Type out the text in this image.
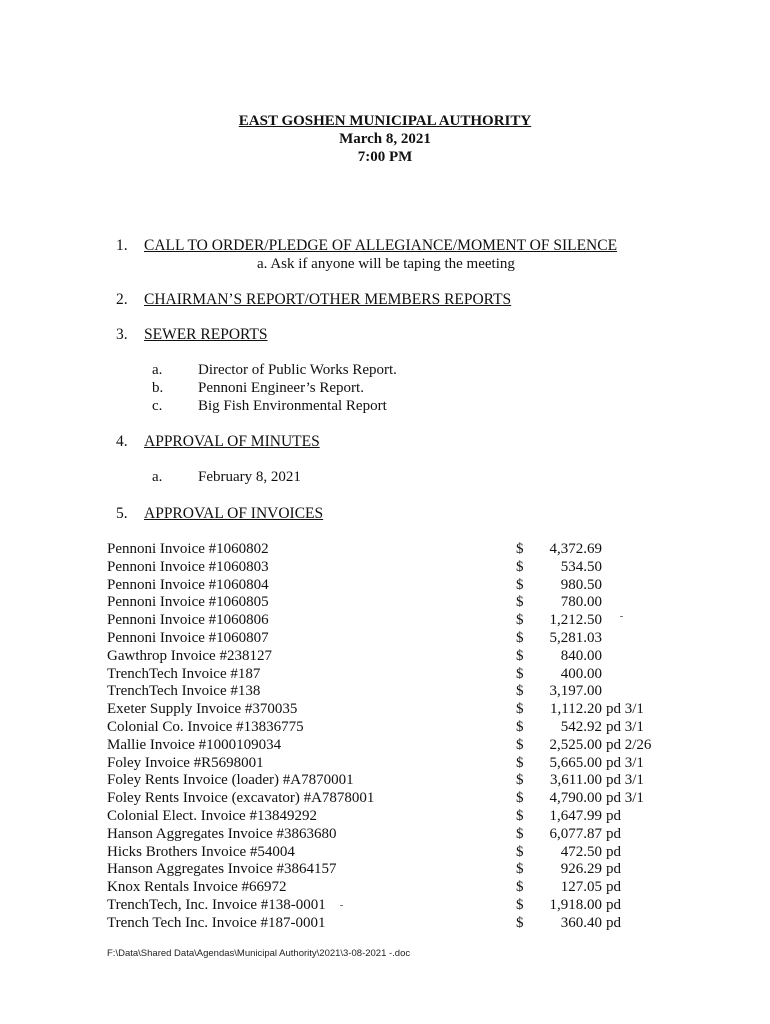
EAST GOSHEN MUNICIPAL AUTHORITY
March 8, 2021
7:00 PM
1. CALL TO ORDER/PLEDGE OF ALLEGIANCE/MOMENT OF SILENCE
a. Ask if anyone will be taping the meeting
2. CHAIRMAN’S REPORT/OTHER MEMBERS REPORTS
3. SEWER REPORTS
a. Director of Public Works Report.
b. Pennoni Engineer’s Report.
c. Big Fish Environmental Report
4. APPROVAL OF MINUTES
a. February 8, 2021
5. APPROVAL OF INVOICES
Pennoni Invoice #1060802	$ 4,372.69
Pennoni Invoice #1060803	$	534.50
Pennoni Invoice #1060804	$	980.50
Pennoni Invoice #1060805	$	780.00
Pennoni Invoice #1060806	$ 1,212.50
Pennoni Invoice #1060807	$ 5,281.03
Gawthrop Invoice #238127	$	840.00
TrenchTech Invoice #187	$	400.00
TrenchTech Invoice #138	$ 3,197.00
Exeter Supply Invoice #370035	$ 1,112.20 pd 3/1
Colonial Co. Invoice #13836775	$	542.92 pd 3/1
Mallie Invoice #1000109034	$ 2,525.00 pd 2/26
Foley Invoice #R5698001	$ 5,665.00 pd 3/1
Foley Rents Invoice (loader) #A7870001	$ 3,611.00 pd 3/1
Foley Rents Invoice (excavator) #A7878001	$ 4,790.00 pd 3/1
Colonial Elect. Invoice #13849292	$ 1,647.99 pd
Hanson Aggregates Invoice #3863680	$ 6,077.87 pd
Hicks Brothers Invoice #54004	$	472.50 pd
Hanson Aggregates Invoice #3864157	$	926.29 pd
Knox Rentals Invoice #66972	$	127.05 pd
TrenchTech, Inc. Invoice #138-0001	$ 1,918.00 pd
Trench Tech Inc. Invoice #187-0001	$	360.40 pd
F:\Data\Shared Data\Agendas\Municipal Authority\2021\3-08-2021 -.doc
